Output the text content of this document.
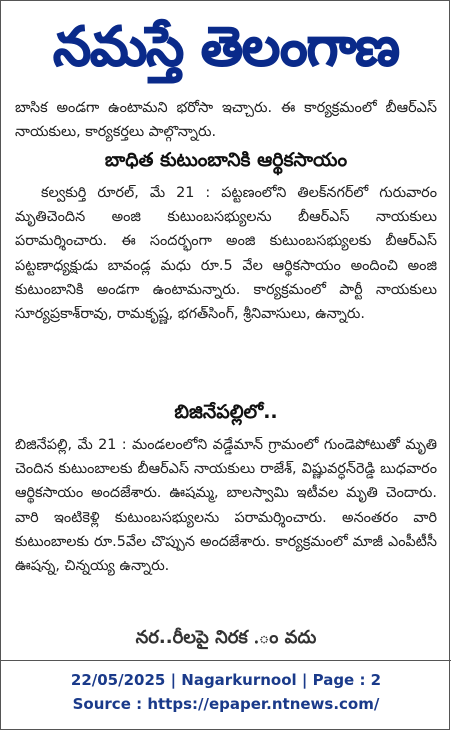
నమస్తే తెలంగాణ

బాసిక అండగా ఉంటామని భరోసా ఇచ్చారు. ఈ కార్యక్రమంలో బీఆర్ఎస్ నాయకులు, కార్యకర్తలు పాల్గొన్నారు.

బాధిత కుటుంబానికి ఆర్థికసాయం

కల్వకుర్తి రూరల్, మే 21 : పట్టణంలోని తిలక్‌నగర్‌లో గురువారం మృతిచెందిన అంజి కుటుంబసభ్యులను బీఆర్ఎస్ నాయకులు పరామర్శించారు. ఈ సందర్భంగా అంజి కుటుంబసభ్యులకు బీఆర్ఎస్ పట్టణాధ్యక్షుడు బావండ్ల మధు రూ.5 వేల ఆర్థికసాయం అందించి అంజి కుటుంబానికి అండగా ఉంటామన్నారు. కార్యక్రమంలో పార్టీ నాయకులు సూర్యప్రకాశ్‌రావు, రామకృష్ణ, భగత్‌సింగ్, శ్రీనివాసులు, ఉన్నారు.

బిజినేపల్లిలో..

బిజినేపల్లి, మే 21 : మండలంలోని వడ్డేమాన్ గ్రామంలో గుండెపోటుతో మృతి చెందిన కుటుంబాలకు బీఆర్ఎస్ నాయకులు రాజేశ్, విష్ణువర్ధన్‌రెడ్డి బుధవారం ఆర్థికసాయం అందజేశారు. ఊషమ్మ, బాలస్వామి ఇటీవల మృతి చెందారు. వారి ఇంటికెళ్లి కుటుంబసభ్యులను పరామర్శించారు. అనంతరం వారి కుటుంబాలకు రూ.5వేల చొప్పున అందజేశారు. కార్యక్రమంలో మాజీ ఎంపీటీసీ ఊషన్న, చిన్నయ్య ఉన్నారు.

నర..రీలపై నిరక .ం వదు
22/05/2025 | Nagarkurnool | Page : 2
Source : https://epaper.ntnews.com/
